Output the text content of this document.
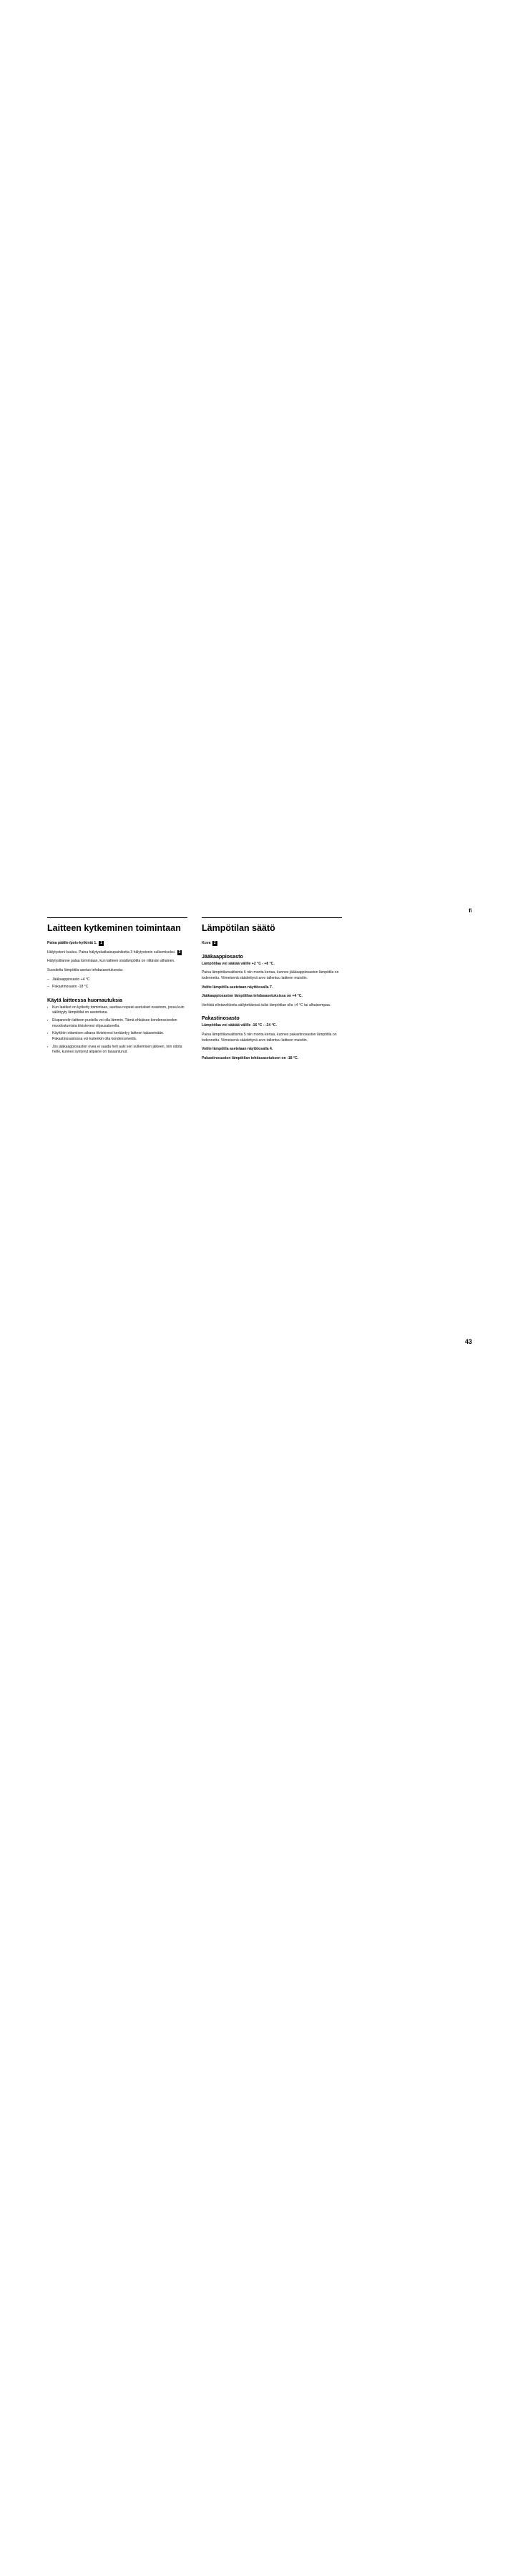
fi
Laitteen kytkeminen toimintaan

Paina päälle-/pois-kytkintä 1. 1

Hälytystoni kuuluu. Paina hälytyskatkaisupainiketta 3 hälytystonin sulkemiseksi. 3

Hälytystilanne palaa toimintaan, kun laitteen sisälämpötila on riittävän alhainen.

Suositeltu lämpötila-asetus tehdasasetuksesta:

– Jääkaappiosasto +4 °C
– Pakastinosasto -18 °C
Käytä laitteessa huomautuksia
▪ Kun laatikot on kytketty toimintaan, asettaa nopeat asetukset osastoon, jossa kuin säilötyyty lämpötilat on asetettuna.
▪ Etupaneelin laitteen puolella voi olla lämmin. Tämä ehkäisee kondenssiveden muodostumista tiivistevesi ohjausalueella.
▪ Käyttöön ottamisen aikana tiivistevesi kerääntyy laitteen takaseinään. Pakastinosastossa voi kuitenkin olla kondenssivettä.
▪ Jos jääkaappiosaston ovea ei saada heti auki sen sulkemisen jälkeen, niin odota hetki, kunnes syntynyt alipaine on tasaantunut.
Lämpötilan säätö

Kuva 2

Jääkaappiosasto

Lämpötilaa voi säätää välille +2 °C - +8 °C.

Paina lämpötilanvalitsinta 6 niin monta kertaa, kunnes jääkaappiosaston lämpötila on todennettu. Viimeisenä säädettynä arvo tallentuu laitteen muistiin.

Voitte lämpötila asetetaan näyttöosalla 7.

Jääkaappiosaston lämpötilaa tehdasasetuksissa on +4 °C.

Herkkiä elintarvikkeita säilytettäessä tulisi lämpötilan olla +4 °C tai alhaisempaa.

Pakastinosasto

Lämpötilaa voi säätää välille -16 °C - -24 °C.

Paina lämpötilanvalitsinta 5 niin monta kertaa, kunnes pakastinosaston lämpötila on todennettu. Viimeisenä säädettynä arvo tallentuu laitteen muistiin.

Voitte lämpötila asetetaan näyttöosalla 4.

Pakastinosaston lämpötilan tehdasasetuksen on -18 °C.

43
